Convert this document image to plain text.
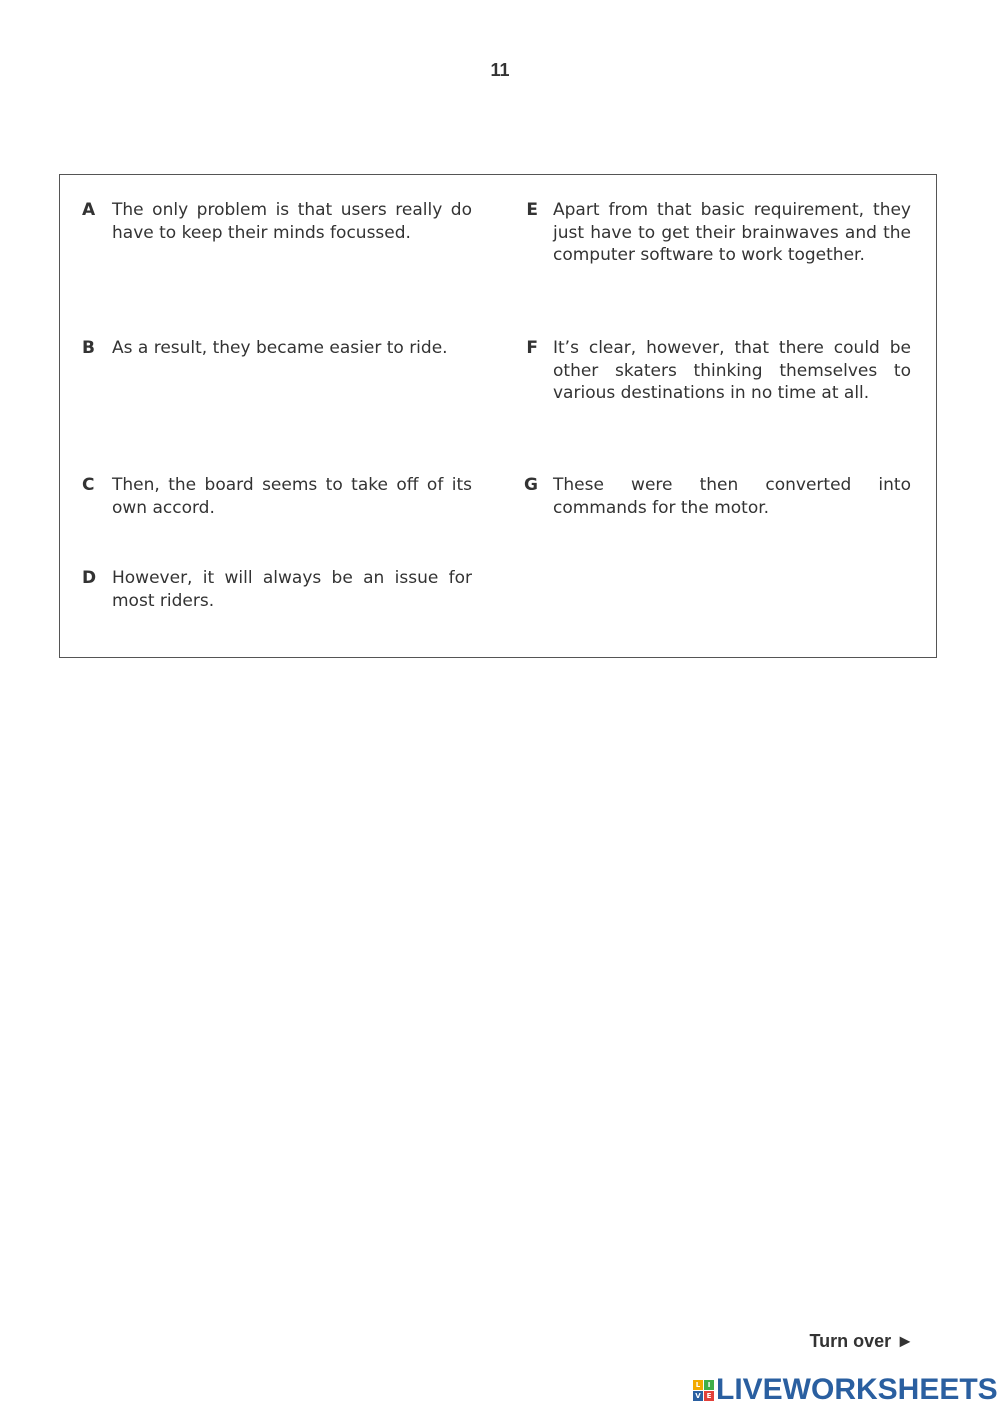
11
A The only problem is that users really do have to keep their minds focussed.
B	As a result, they became easier to ride.
C	Then, the board seems to take off of its own accord.
D However, it will always be an issue for most riders.
E Apart from that basic requirement, they just have to get their brainwaves and the computer software to work together.
F It’s clear, however, that there could be other skaters thinking themselves to various destinations in no time at all.
G These were then converted into commands for the motor.
Turn over ►
L	I
V E LIVEWORKSHEETS
